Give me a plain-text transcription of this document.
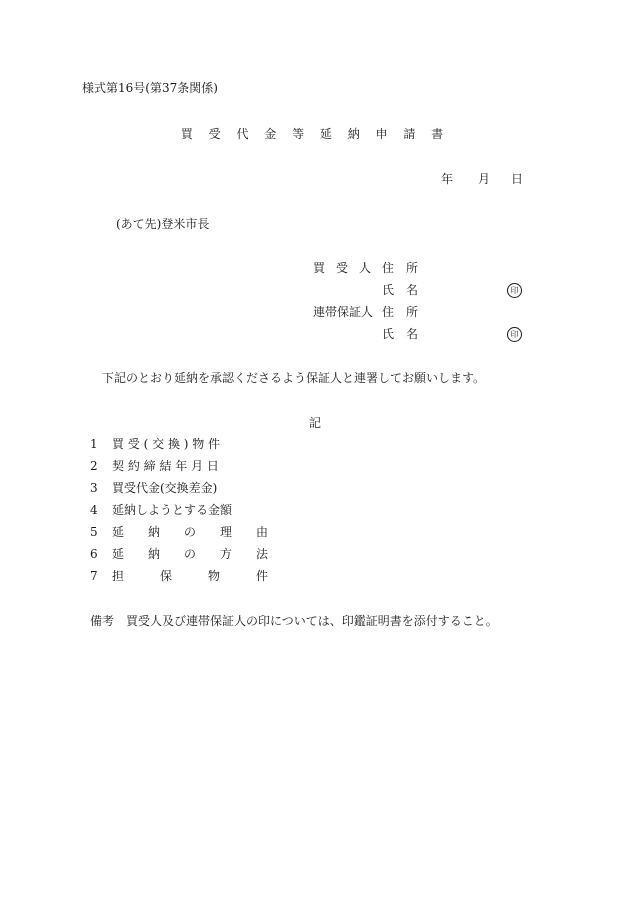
様式第16号(第37条関係)
買 受 代 金 等 延 納 申 請 書
年 月 日
(あて先)登米市長
買 受 人 住　所
氏　名	印
連帯保証人 住　所
氏　名	印
下記のとおり延納を承認くださるよう保証人と連署してお願いします。
記
1 買 受 ( 交 換 ) 物 件
2 契 約 締 結 年 月 日
3 買受代金(交換差金)
4 延納しようとする金額
5 延　　納　　の　　理　　由
6 延　　納　　の　　方　　法
7 担　　　保　　　物　　　件
備考　買受人及び連帯保証人の印については、印鑑証明書を添付すること。
